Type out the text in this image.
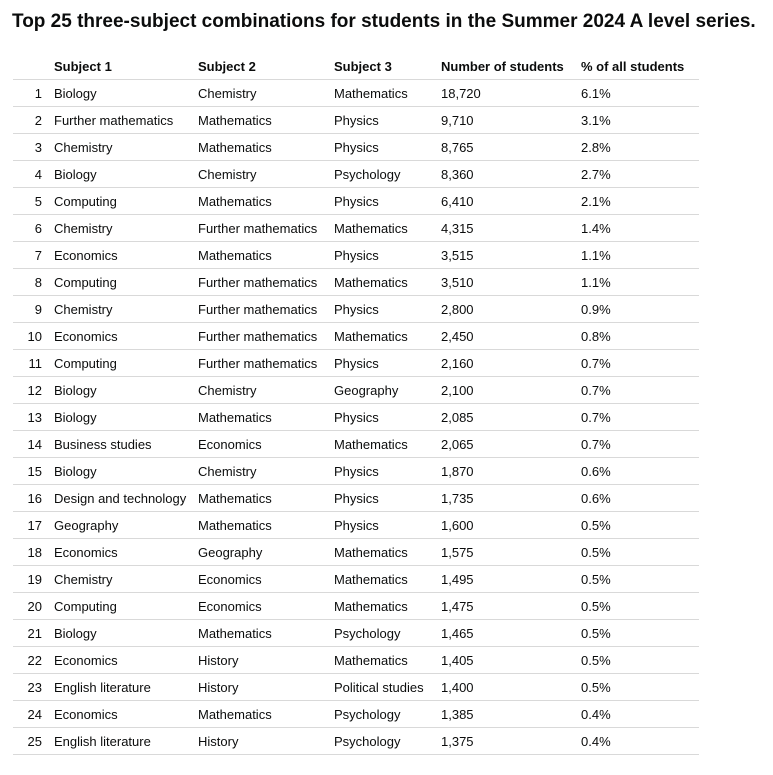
Top 25 three-subject combinations for students in the Summer 2024 A level series.
	Subject 1	Subject 2	Subject 3	Number of students	% of all students
1	Biology	Chemistry	Mathematics	18,720	6.1%
2	Further mathematics	Mathematics	Physics	9,710	3.1%
3	Chemistry	Mathematics	Physics	8,765	2.8%
4	Biology	Chemistry	Psychology	8,360	2.7%
5	Computing	Mathematics	Physics	6,410	2.1%
6	Chemistry	Further mathematics	Mathematics	4,315	1.4%
7	Economics	Mathematics	Physics	3,515	1.1%
8	Computing	Further mathematics	Mathematics	3,510	1.1%
9	Chemistry	Further mathematics	Physics	2,800	0.9%
10	Economics	Further mathematics	Mathematics	2,450	0.8%
11	Computing	Further mathematics	Physics	2,160	0.7%
12	Biology	Chemistry	Geography	2,100	0.7%
13	Biology	Mathematics	Physics	2,085	0.7%
14	Business studies	Economics	Mathematics	2,065	0.7%
15	Biology	Chemistry	Physics	1,870	0.6%
16	Design and technology	Mathematics	Physics	1,735	0.6%
17	Geography	Mathematics	Physics	1,600	0.5%
18	Economics	Geography	Mathematics	1,575	0.5%
19	Chemistry	Economics	Mathematics	1,495	0.5%
20	Computing	Economics	Mathematics	1,475	0.5%
21	Biology	Mathematics	Psychology	1,465	0.5%
22	Economics	History	Mathematics	1,405	0.5%
23	English literature	History	Political studies	1,400	0.5%
24	Economics	Mathematics	Psychology	1,385	0.4%
25	English literature	History	Psychology	1,375	0.4%
